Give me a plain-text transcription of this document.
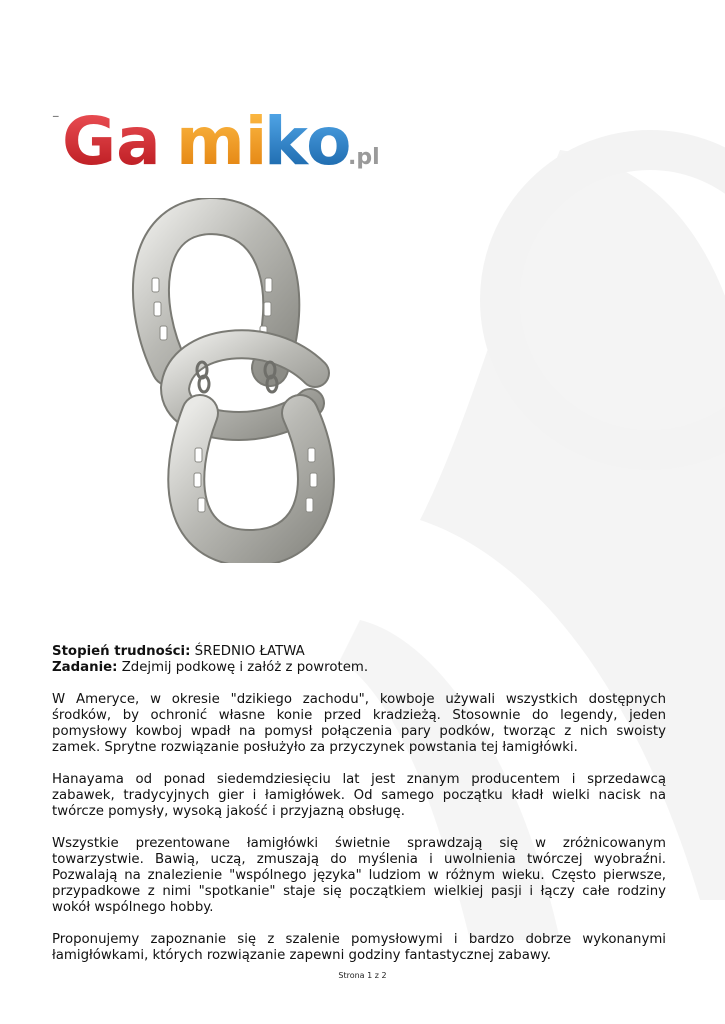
_ Ga mi
ko
.pl
Stopień trudności: ŚREDNIO ŁATWA
Zadanie: Zdejmij podkowę i załóż z powrotem.

W Ameryce, w okresie "dzikiego zachodu", kowboje używali wszystkich dostępnych środków, by ochronić własne konie przed kradzieżą. Stosownie do legendy, jeden pomysłowy kowboj wpadł na pomysł połączenia pary podków, tworząc z nich swoisty zamek. Sprytne rozwiązanie posłużyło za przyczynek powstania tej łamigłówki.

Hanayama od ponad siedemdziesięciu lat jest znanym producentem i sprzedawcą zabawek, tradycyjnych gier i łamigłówek. Od samego początku kładł wielki nacisk na twórcze pomysły, wysoką jakość i przyjazną obsługę.

Wszystkie prezentowane łamigłówki świetnie sprawdzają się w zróżnicowanym towarzystwie. Bawią, uczą, zmuszają do myślenia i uwolnienia twórczej wyobraźni. Pozwalają na znalezienie "wspólnego języka" ludziom w różnym wieku. Często pierwsze, przypadkowe z nimi "spotkanie" staje się początkiem wielkiej pasji i łączy całe rodziny wokół wspólnego hobby.

Proponujemy zapoznanie się z szalenie pomysłowymi i bardzo dobrze wykonanymi łamigłówkami, których rozwiązanie zapewni godziny fantastycznej zabawy.

Strona 1 z 2
